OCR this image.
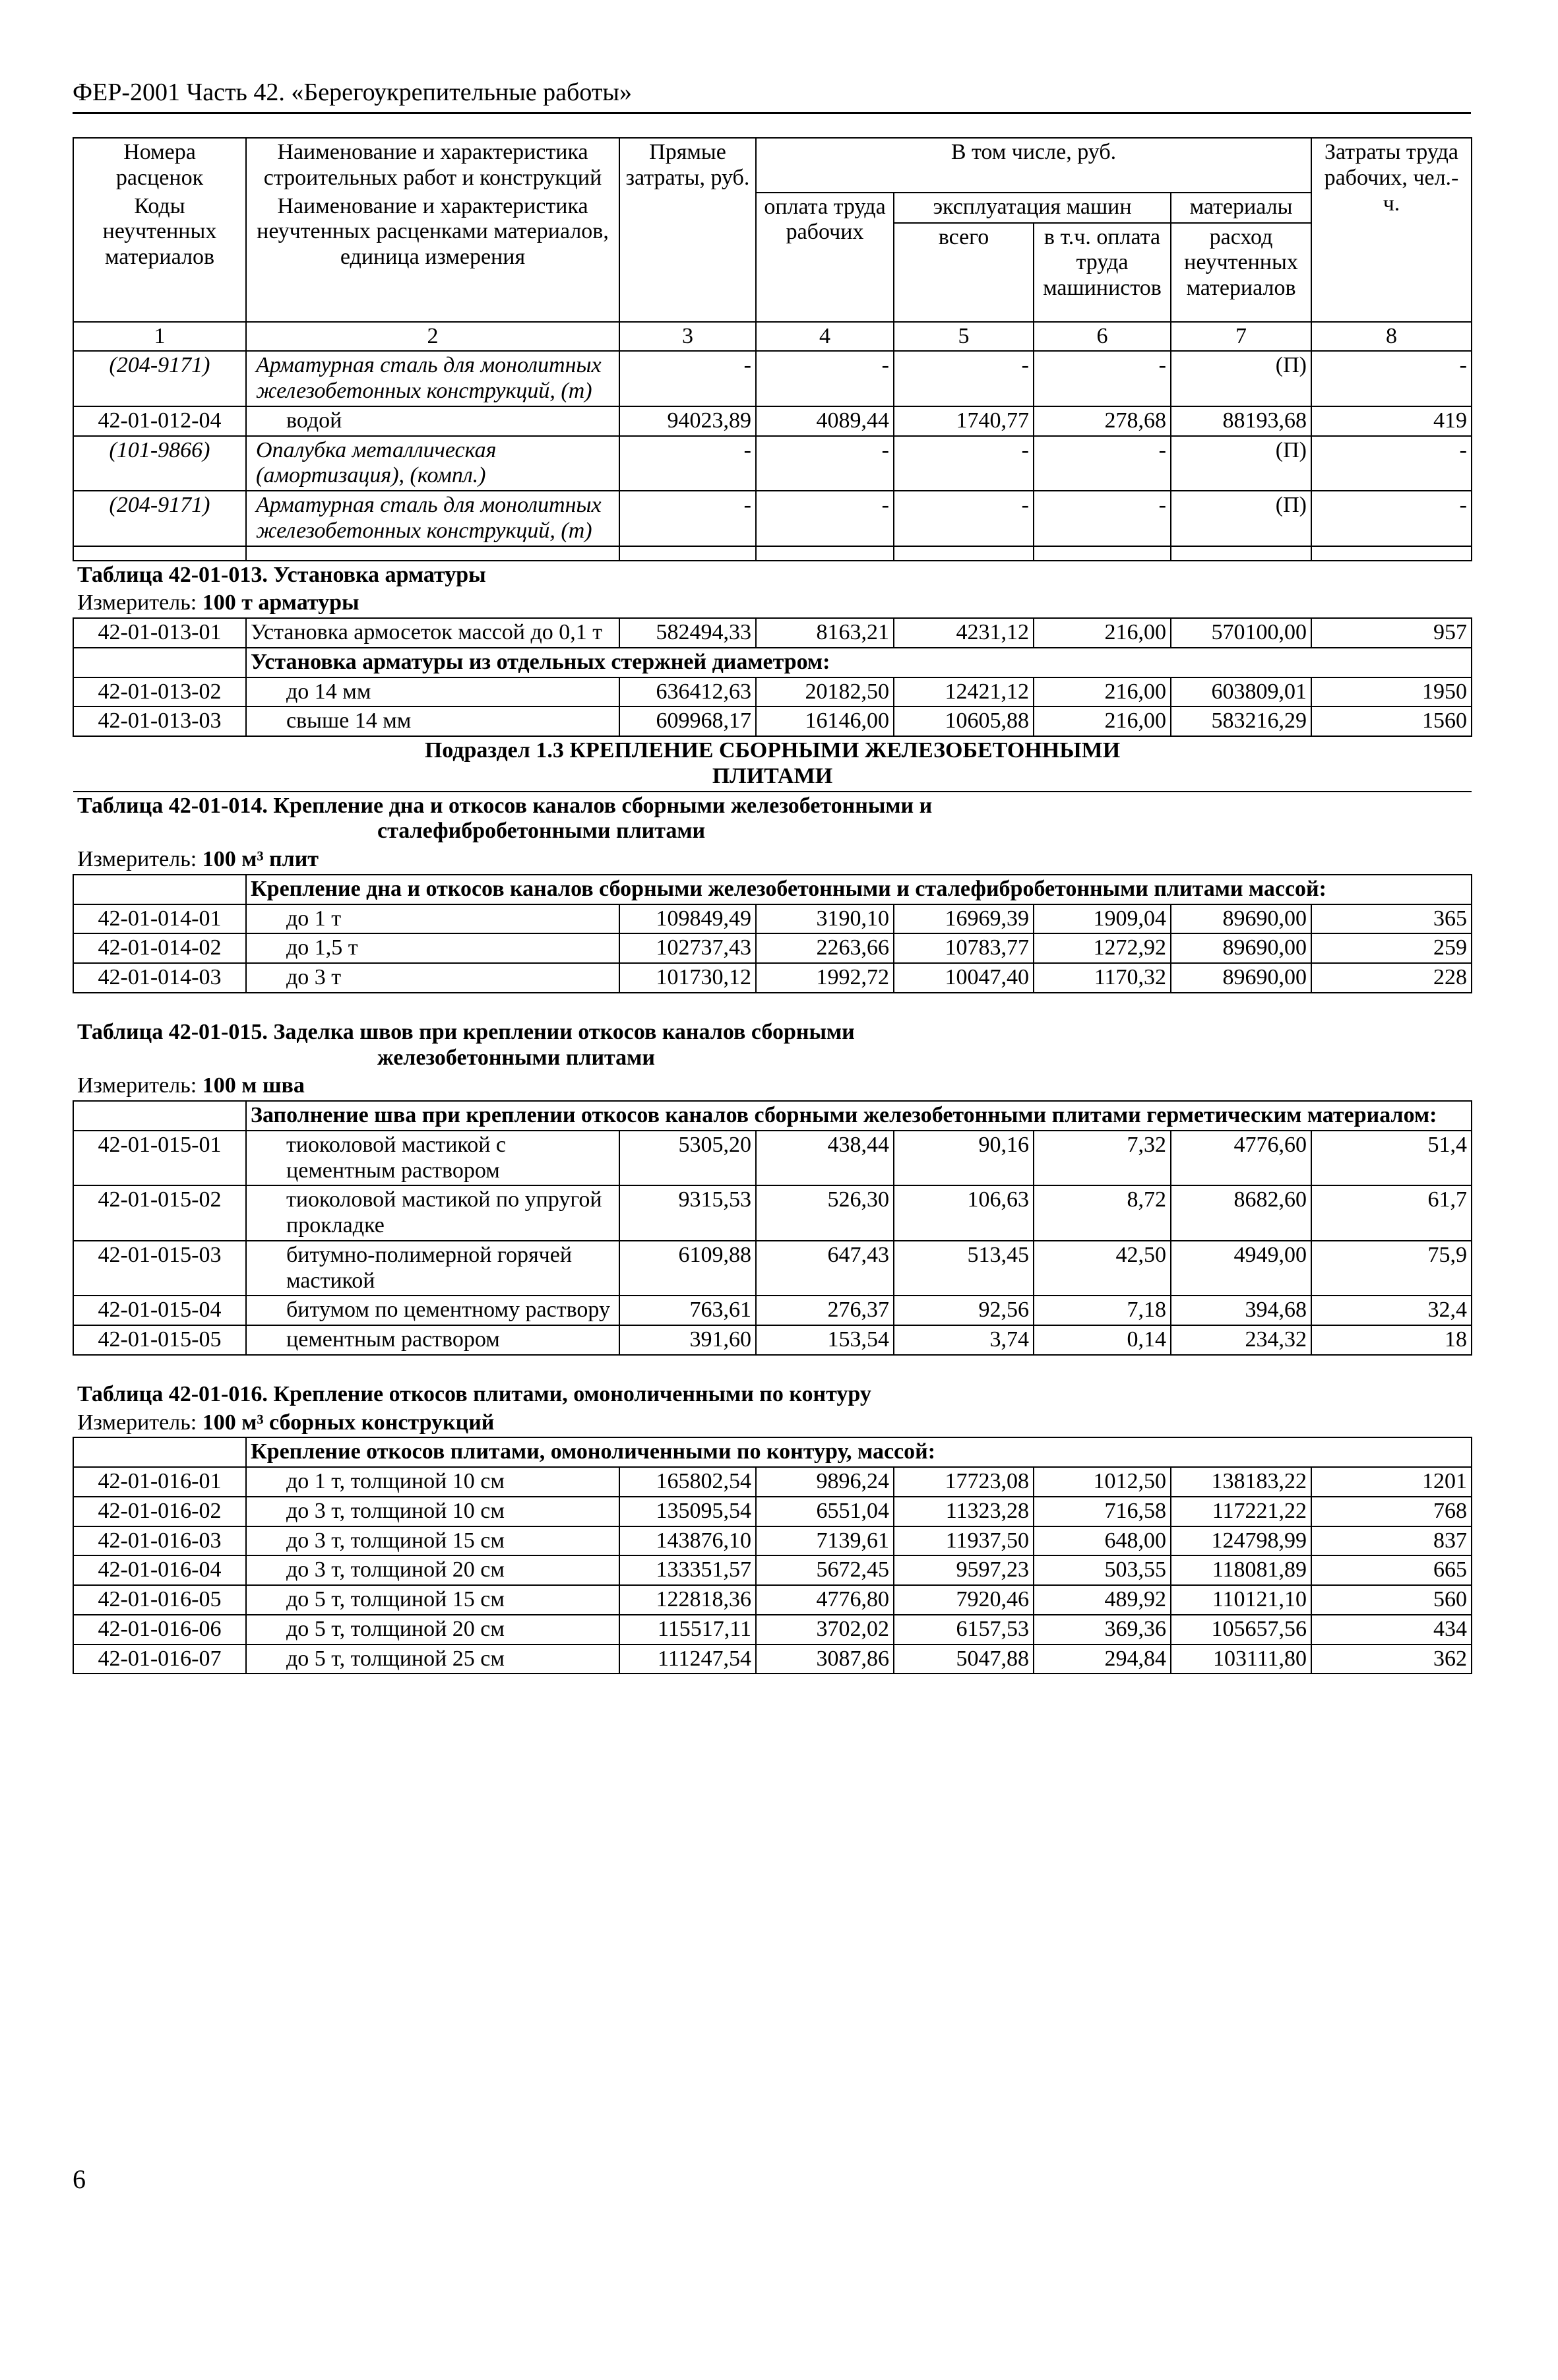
ФЕР-2001 Часть 42. «Берегоукрепительные работы»
Номера расценок	Наименование и характеристика строительных работ и конструкций	Прямые затраты, руб.	В том числе, руб.				Затраты труда рабочих, чел.-ч.
Коды неучтенных материалов	Наименование и характеристика неучтенных расценками материалов, единица измерения		оплата труда рабочих	эксплуатация машин		материалы	
				всего	в т.ч. оплата труда машинистов	расход неучтенных материалов	
1	2	3	4	5	6	7	8
(204-9171)	Арматурная сталь для монолитных железобетонных конструкций, (т)	-	-	-	-	(П)	-
42-01-012-04	водой	94023,89	4089,44	1740,77	278,68	88193,68	419
(101-9866)	Опалубка металлическая (амортизация), (компл.)	-	-	-	-	(П)	-
(204-9171)	Арматурная сталь для монолитных железобетонных конструкций, (т)	-	-	-	-	(П)	-

Таблица 42-01-013. Установка арматуры							
Измеритель: 100 т арматуры							
42-01-013-01	Установка армосеток массой до 0,1 т	582494,33	8163,21	4231,12	216,00	570100,00	957
	Установка арматуры из отдельных стержней диаметром:						
42-01-013-02	до 14 мм	636412,63	20182,50	12421,12	216,00	603809,01	1950
42-01-013-03	свыше 14 мм	609968,17	16146,00	10605,88	216,00	583216,29	1560

Подраздел 1.3 КРЕПЛЕНИЕ СБОРНЫМИ ЖЕЛЕЗОБЕТОННЫМИ
ПЛИТАМИ							

Таблица 42-01-014. Крепление дна и откосов каналов сборными железобетонными и
сталефибробетонными плитами							

Измеритель: 100 м³ плит							
	Крепление дна и откосов каналов сборными железобетонными и сталефибробетонными плитами массой:						
42-01-014-01	до 1 т	109849,49	3190,10	16969,39	1909,04	89690,00	365
42-01-014-02	до 1,5 т	102737,43	2263,66	10783,77	1272,92	89690,00	259
42-01-014-03	до 3 т	101730,12	1992,72	10047,40	1170,32	89690,00	228
Таблица 42-01-015. Заделка швов при креплении откосов каналов сборными
железобетонными плитами							

Измеритель: 100 м шва							
	Заполнение шва при креплении откосов каналов сборными железобетонными плитами герметическим материалом:						
42-01-015-01	тиоколовой мастикой с цементным раствором	5305,20	438,44	90,16	7,32	4776,60	51,4
42-01-015-02	тиоколовой мастикой по упругой прокладке	9315,53	526,30	106,63	8,72	8682,60	61,7
42-01-015-03	битумно-полимерной горячей мастикой	6109,88	647,43	513,45	42,50	4949,00	75,9
42-01-015-04	битумом по цементному раствору	763,61	276,37	92,56	7,18	394,68	32,4
42-01-015-05	цементным раствором	391,60	153,54	3,74	0,14	234,32	18
Таблица 42-01-016. Крепление откосов плитами, омоноличенными по контуру							
Измеритель: 100 м³ сборных конструкций							
	Крепление откосов плитами, омоноличенными по контуру, массой:						
42-01-016-01	до 1 т, толщиной 10 см	165802,54	9896,24	17723,08	1012,50	138183,22	1201
42-01-016-02	до 3 т, толщиной 10 см	135095,54	6551,04	11323,28	716,58	117221,22	768
42-01-016-03	до 3 т, толщиной 15 см	143876,10	7139,61	11937,50	648,00	124798,99	837
42-01-016-04	до 3 т, толщиной 20 см	133351,57	5672,45	9597,23	503,55	118081,89	665
42-01-016-05	до 5 т, толщиной 15 см	122818,36	4776,80	7920,46	489,92	110121,10	560
42-01-016-06	до 5 т, толщиной 20 см	115517,11	3702,02	6157,53	369,36	105657,56	434
42-01-016-07	до 5 т, толщиной 25 см	111247,54	3087,86	5047,88	294,84	103111,80	362
6
